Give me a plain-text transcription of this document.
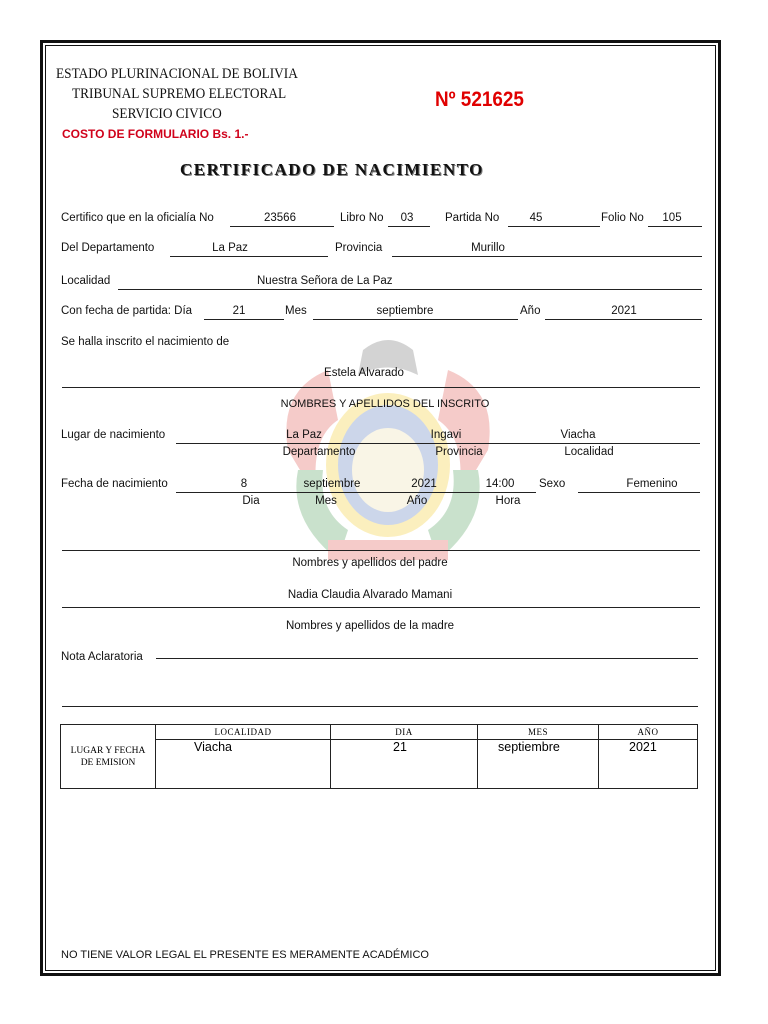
ESTADO PLURINACIONAL DE BOLIVIA
TRIBUNAL SUPREMO ELECTORAL
SERVICIO CIVICO
COSTO DE FORMULARIO Bs. 1.-
Nº 521625
CERTIFICADO DE NACIMIENTO
Certifico que en la oficialía No	23566	Libro No	03	Partida No	45	Folio No	105
Del Departamento	La Paz	Provincia	Murillo
Localidad	Nuestra Señora de La Paz
Con fecha de partida: Día	21	Mes	septiembre	Año	2021
Se halla inscrito el nacimiento de
Estela Alvarado
NOMBRES Y APELLIDOS DEL INSCRITO
Lugar de nacimiento	La Paz	Ingavi	Viacha
Departamento	Provincia	Localidad
Fecha de nacimiento	8	septiembre	2021	14:00	Sexo	Femenino
Dia	Mes	Año	Hora
Nombres y apellidos del padre
Nadia Claudia Alvarado Mamani
Nombres y apellidos de la madre
Nota Aclaratoria
LUGAR Y FECHA
DE EMISION	LOCALIDAD	DIA	MES	AÑO
	Viacha	21	septiembre	2021
NO TIENE VALOR LEGAL EL PRESENTE ES MERAMENTE ACADÉMICO
